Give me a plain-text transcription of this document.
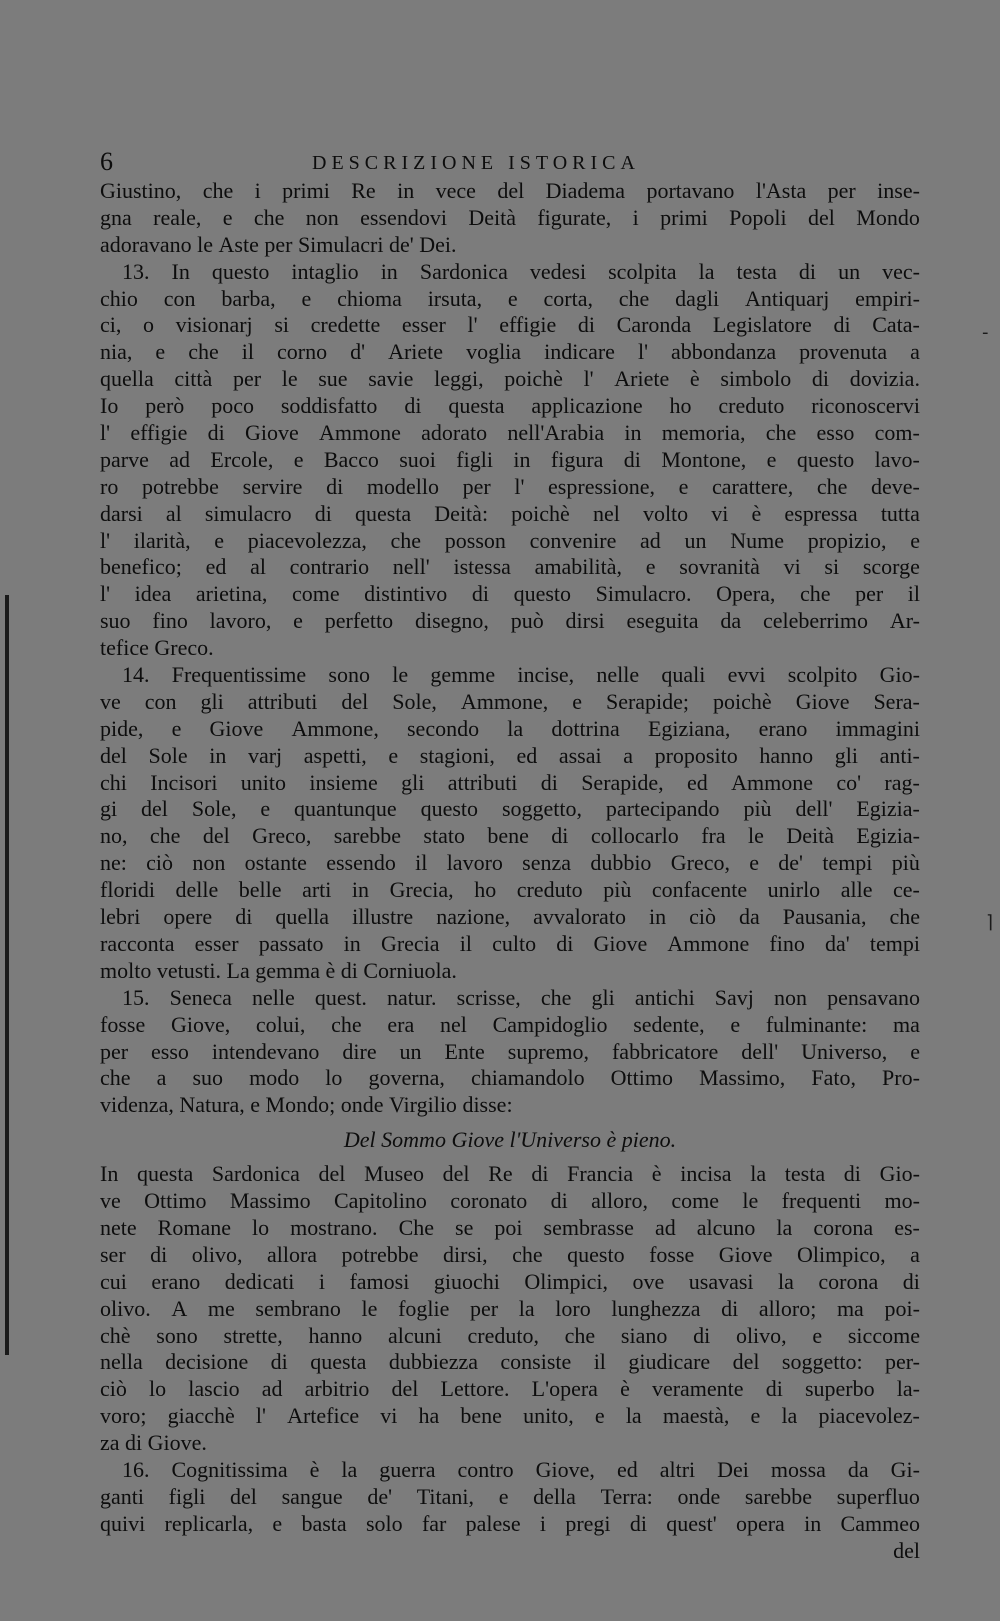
-
⌉
6	DESCRIZIONE ISTORICA
Giustino, che i primi Re in vece del Diadema portavano l'Asta per inse-
gna reale, e che non essendovi Deità figurate, i primi Popoli del Mondo
adoravano le Aste per Simulacri de' Dei.
13. In questo intaglio in Sardonica vedesi scolpita la testa di un vec-
chio con barba, e chioma irsuta, e corta, che dagli Antiquarj empiri-
ci, o visionarj si credette esser l' effigie di Caronda Legislatore di Cata-
nia, e che il corno d' Ariete voglia indicare l' abbondanza provenuta a
quella città per le sue savie leggi, poichè l' Ariete è simbolo di dovizia.
Io però poco soddisfatto di questa applicazione ho creduto riconoscervi
l' effigie di Giove Ammone adorato nell'Arabia in memoria, che esso com-
parve ad Ercole, e Bacco suoi figli in figura di Montone, e questo lavo-
ro potrebbe servire di modello per l' espressione, e carattere, che deve-
darsi al simulacro di questa Deità: poichè nel volto vi è espressa tutta
l' ilarità, e piacevolezza, che posson convenire ad un Nume propizio, e
benefico; ed al contrario nell' istessa amabilità, e sovranità vi si scorge
l' idea arietina, come distintivo di questo Simulacro. Opera, che per il
suo fino lavoro, e perfetto disegno, può dirsi eseguita da celeberrimo Ar-
tefice Greco.
14. Frequentissime sono le gemme incise, nelle quali evvi scolpito Gio-
ve con gli attributi del Sole, Ammone, e Serapide; poichè Giove Sera-
pide, e Giove Ammone, secondo la dottrina Egiziana, erano immagini
del Sole in varj aspetti, e stagioni, ed assai a proposito hanno gli anti-
chi Incisori unito insieme gli attributi di Serapide, ed Ammone co' rag-
gi del Sole, e quantunque questo soggetto, partecipando più dell' Egizia-
no, che del Greco, sarebbe stato bene di collocarlo fra le Deità Egizia-
ne: ciò non ostante essendo il lavoro senza dubbio Greco, e de' tempi più
floridi delle belle arti in Grecia, ho creduto più confacente unirlo alle ce-
lebri opere di quella illustre nazione, avvalorato in ciò da Pausania, che
racconta esser passato in Grecia il culto di Giove Ammone fino da' tempi
molto vetusti. La gemma è di Corniuola.
15. Seneca nelle quest. natur. scrisse, che gli antichi Savj non pensavano
fosse Giove, colui, che era nel Campidoglio sedente, e fulminante: ma
per esso intendevano dire un Ente supremo, fabbricatore dell' Universo, e
che a suo modo lo governa, chiamandolo Ottimo Massimo, Fato, Pro-
videnza, Natura, e Mondo; onde Virgilio disse:
Del Sommo Giove l'Universo è pieno.
In questa Sardonica del Museo del Re di Francia è incisa la testa di Gio-
ve Ottimo Massimo Capitolino coronato di alloro, come le frequenti mo-
nete Romane lo mostrano. Che se poi sembrasse ad alcuno la corona es-
ser di olivo, allora potrebbe dirsi, che questo fosse Giove Olimpico, a
cui erano dedicati i famosi giuochi Olimpici, ove usavasi la corona di
olivo. A me sembrano le foglie per la loro lunghezza di alloro; ma poi-
chè sono strette, hanno alcuni creduto, che siano di olivo, e siccome
nella decisione di questa dubbiezza consiste il giudicare del soggetto: per-
ciò lo lascio ad arbitrio del Lettore. L'opera è veramente di superbo la-
voro; giacchè l' Artefice vi ha bene unito, e la maestà, e la piacevolez-
za di Giove.
16. Cognitissima è la guerra contro Giove, ed altri Dei mossa da Gi-
ganti figli del sangue de' Titani, e della Terra: onde sarebbe superfluo
quivi replicarla, e basta solo far palese i pregi di quest' opera in Cammeo
del
